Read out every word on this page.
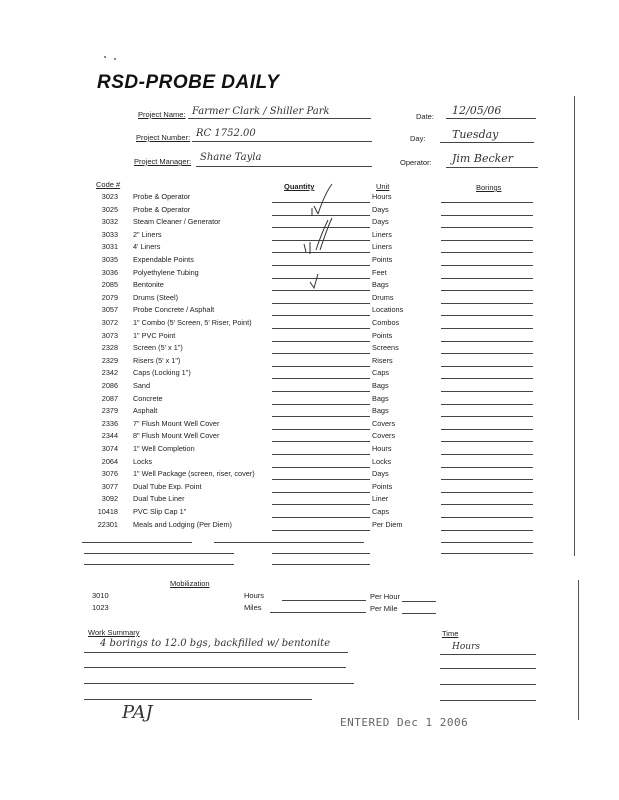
RSD-PROBE DAILY
Project Name: Farmer Clark / Shiller Park	Date: 12/05/06
Project Number: RC 1752.00	Day: Tuesday
Project Manager: Shane Tayla	Operator: Jim Becker
Code #	Quantity	Unit	Borings
3023 Probe & Operator	Hours
3025 Probe & Operator	Days
3032 Steam Cleaner / Generator	Days
3033 2" Liners	Liners
3031 4' Liners	Liners
3035 Expendable Points	Points
3036 Polyethylene Tubing	Feet
2085 Bentonite	Bags
2079 Drums (Steel)	Drums
3057 Probe Concrete / Asphalt	Locations
3072 1" Combo (5' Screen, 5' Riser, Point)	Combos
3073 1" PVC Point	Points
2328 Screen (5' x 1")	Screens
2329 Risers (5' x 1")	Risers
2342 Caps (Locking 1")	Caps
2086 Sand	Bags
2087 Concrete	Bags
2379 Asphalt	Bags
2336 7" Flush Mount Well Cover	Covers
2344 8" Flush Mount Well Cover	Covers
3074 1" Well Completion	Hours
2064 Locks	Locks
3076 1" Well Package (screen, riser, cover)	Days
3077 Dual Tube Exp. Point	Points
3092 Dual Tube Liner	Liner
10418 PVC Slip Cap 1"	Caps
22301 Meals and Lodging (Per Diem)	Per Diem
Mobilization
3010	Hours	Per Hour
1023	Miles	Per Mile
Work Summary	Time
4 borings to 12.0 bgs, backfilled w/ bentonite	Hours
PAJ	ENTERED Dec 1 2006
